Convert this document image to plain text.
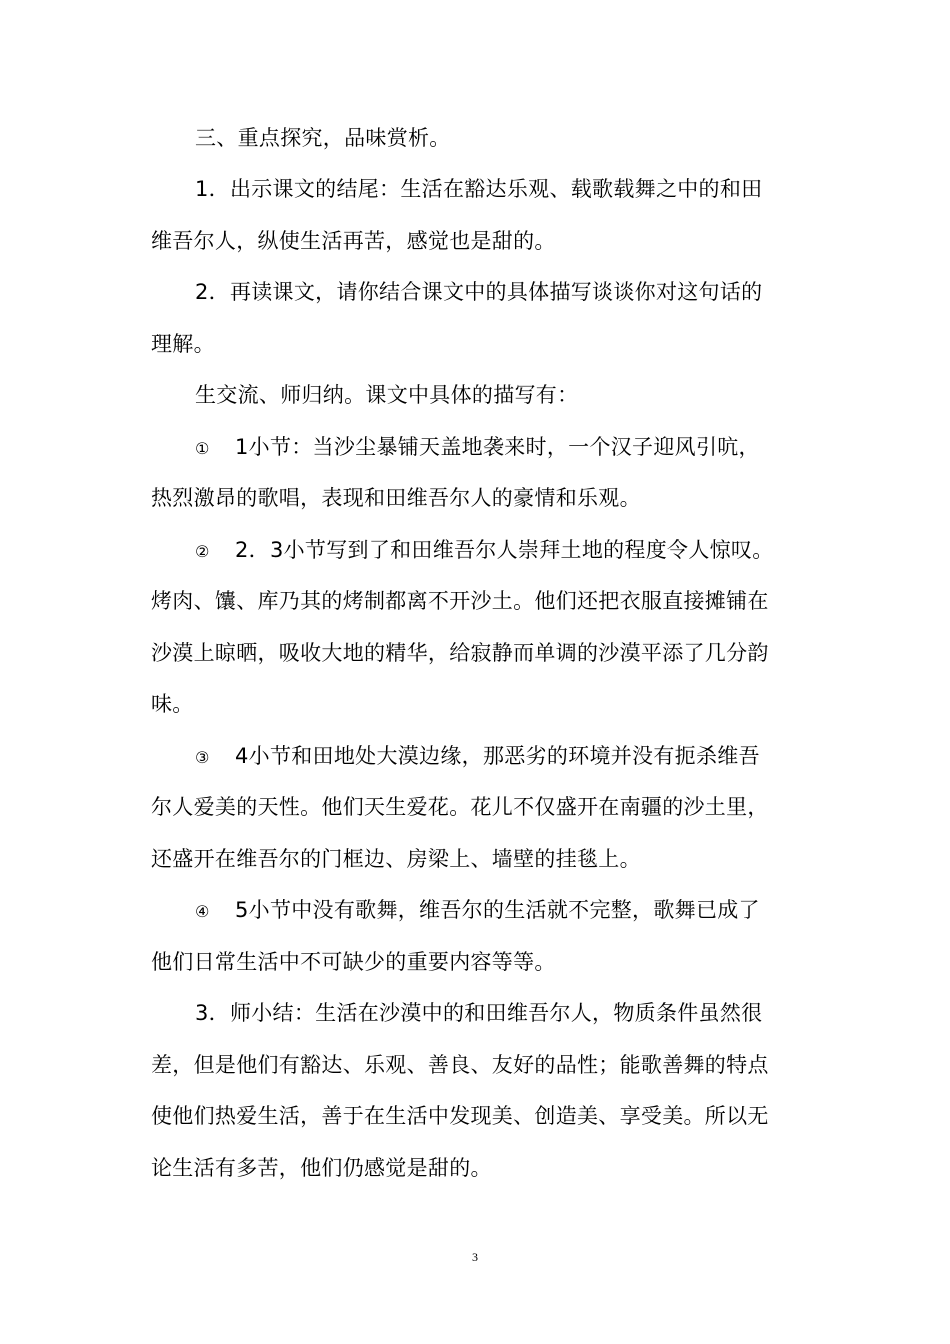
三、重点探究，品味赏析。
1．出示课文的结尾：生活在豁达乐观、载歌载舞之中的和田
维吾尔人，纵使生活再苦，感觉也是甜的。
2．再读课文，请你结合课文中的具体描写谈谈你对这句话的
理解。
生交流、师归纳。课文中具体的描写有：
① 1小节：当沙尘暴铺天盖地袭来时，一个汉子迎风引吭，
热烈激昂的歌唱，表现和田维吾尔人的豪情和乐观。
② 2．3小节写到了和田维吾尔人崇拜土地的程度令人惊叹。
烤肉、馕、库乃其的烤制都离不开沙土。他们还把衣服直接摊铺在
沙漠上晾晒，吸收大地的精华，给寂静而单调的沙漠平添了几分韵
味。
③ 4小节和田地处大漠边缘，那恶劣的环境并没有扼杀维吾
尔人爱美的天性。他们天生爱花。花儿不仅盛开在南疆的沙土里，
还盛开在维吾尔的门框边、房梁上、墙壁的挂毯上。
④ 5小节中没有歌舞，维吾尔的生活就不完整，歌舞已成了
他们日常生活中不可缺少的重要内容等等。
3．师小结：生活在沙漠中的和田维吾尔人，物质条件虽然很
差，但是他们有豁达、乐观、善良、友好的品性；能歌善舞的特点
使他们热爱生活，善于在生活中发现美、创造美、享受美。所以无
论生活有多苦，他们仍感觉是甜的。
3
